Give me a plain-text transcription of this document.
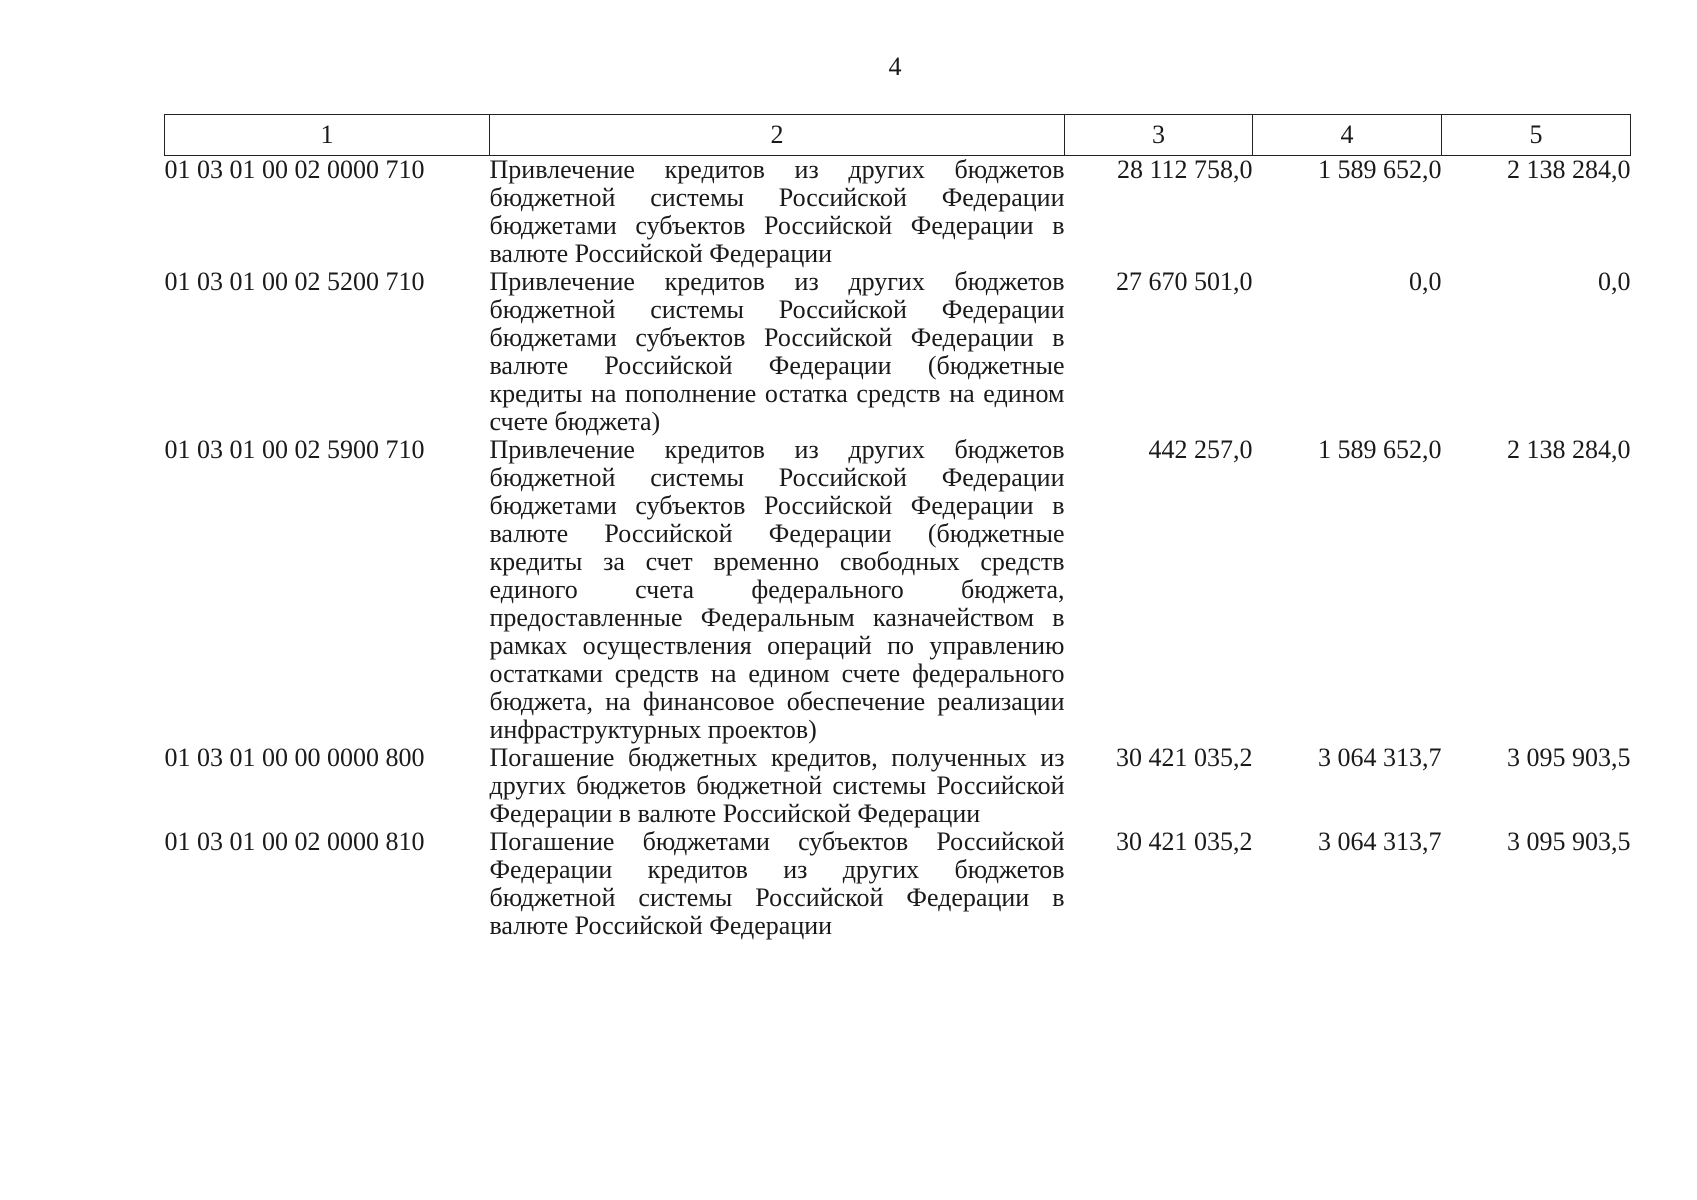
4
1	2	3	4	5
01 03 01 00 02 0000 710	Привлечение кредитов из других бюджетов бюджетной системы Российской Федерации бюджетами субъектов Российской Федерации в валюте Российской Федерации	28 112 758,0	1 589 652,0	2 138 284,0
01 03 01 00 02 5200 710	Привлечение кредитов из других бюджетов бюджетной системы Российской Федерации бюджетами субъектов Российской Федерации в валюте Российской Федерации (бюджетные кредиты на пополнение остатка средств на едином счете бюджета)	27 670 501,0	0,0	0,0
01 03 01 00 02 5900 710	Привлечение кредитов из других бюджетов бюджетной системы Российской Федерации бюджетами субъектов Российской Федерации в валюте Российской Федерации (бюджетные кредиты за счет временно свободных средств единого счета федерального бюджета, предоставленные Федеральным казначейством в рамках осуществления операций по управлению остатками средств на едином счете федерального бюджета, на финансовое обеспечение реализации инфраструктурных проектов)	442 257,0	1 589 652,0	2 138 284,0
01 03 01 00 00 0000 800	Погашение бюджетных кредитов, полученных из других бюджетов бюджетной системы Российской Федерации в валюте Российской Федерации	30 421 035,2	3 064 313,7	3 095 903,5
01 03 01 00 02 0000 810	Погашение бюджетами субъектов Российской Федерации кредитов из других бюджетов бюджетной системы Российской Федерации в валюте Российской Федерации	30 421 035,2	3 064 313,7	3 095 903,5
